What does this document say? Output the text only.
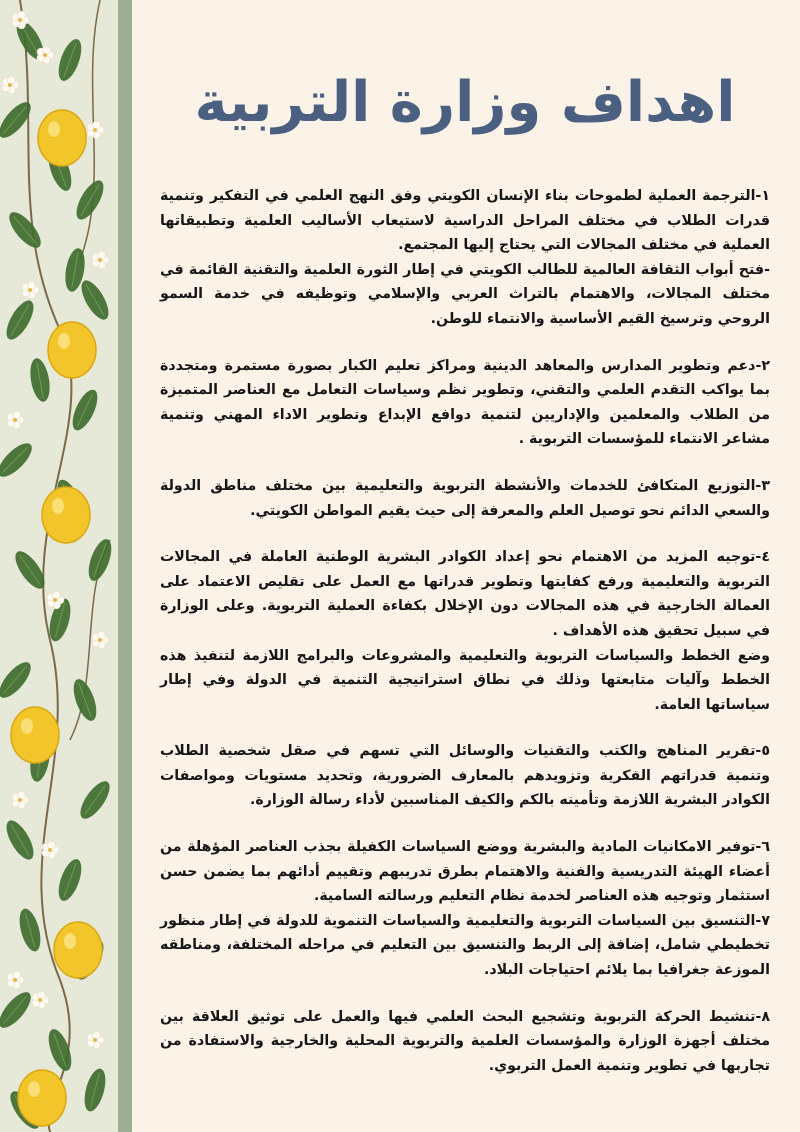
اهداف وزارة التربية

١-الترجمة العملية لطموحات بناء الإنسان الكويتي وفق النهج العلمي في التفكير وتنمية قدرات الطلاب في مختلف المراحل الدراسية لاستيعاب الأساليب العلمية وتطبيقاتها العملية في مختلف المجالات التي يحتاج إليها المجتمع.
-فتح أبواب الثقافة العالمية للطالب الكويتي في إطار الثورة العلمية والتقنية القائمة في مختلف المجالات، والاهتمام بالتراث العربي والإسلامي وتوظيفه في خدمة السمو الروحي وترسيخ القيم الأساسية والانتماء للوطن.

٢-دعم وتطوير المدارس والمعاهد الدينية ومراكز تعليم الكبار بصورة مستمرة ومتجددة بما يواكب التقدم العلمي والتقني، وتطوير نظم وسياسات التعامل مع العناصر المتميزة من الطلاب والمعلمين والإداريين لتنمية دوافع الإبداع وتطوير الاداء المهني وتنمية مشاعر الانتماء للمؤسسات التربوية .

٣-التوزيع المتكافئ للخدمات والأنشطة التربوية والتعليمية بين مختلف مناطق الدولة والسعي الدائم نحو توصيل العلم والمعرفة إلى حيث يقيم المواطن الكويتي.

٤-توجيه المزيد من الاهتمام نحو إعداد الكوادر البشرية الوطنية العاملة في المجالات التربوية والتعليمية ورفع كفايتها وتطوير قدراتها مع العمل على تقليص الاعتماد على العمالة الخارجية في هذه المجالات دون الإخلال بكفاءة العملية التربوية. وعلى الوزارة في سبيل تحقيق هذه الأهداف .
وضع الخطط والسياسات التربوية والتعليمية والمشروعات والبرامج اللازمة لتنفيذ هذه الخطط وآليات متابعتها وذلك في نطاق استراتيجية التنمية في الدولة وفي إطار سياساتها العامة.

٥-تقرير المناهج والكتب والتقنيات والوسائل التي تسهم في صقل شخصية الطلاب وتنمية قدراتهم الفكرية وتزويدهم بالمعارف الضرورية، وتحديد مستويات ومواصفات الكوادر البشرية اللازمة وتأمينه بالكم والكيف المناسبين لأداء رسالة الوزارة.

٦-توفير الامكانيات المادية والبشرية ووضع السياسات الكفيلة بجذب العناصر المؤهلة من أعضاء الهيئة التدريسية والفنية والاهتمام بطرق تدريبهم وتقييم أدائهم بما يضمن حسن استثمار وتوجيه هذه العناصر لخدمة نظام التعليم ورسالته السامية.
٧-التنسيق بين السياسات التربوية والتعليمية والسياسات التنموية للدولة في إطار منظور تخطيطي شامل، إضافة إلى الربط والتنسيق بين التعليم في مراحله المختلفة، ومناطقه الموزعة جغرافيا بما يلائم احتياجات البلاد.

٨-تنشيط الحركة التربوية وتشجيع البحث العلمي فيها والعمل على توثيق العلاقة بين مختلف أجهزة الوزارة والمؤسسات العلمية والتربوية المحلية والخارجية والاستفادة من تجاربها في تطوير وتنمية العمل التربوي.
